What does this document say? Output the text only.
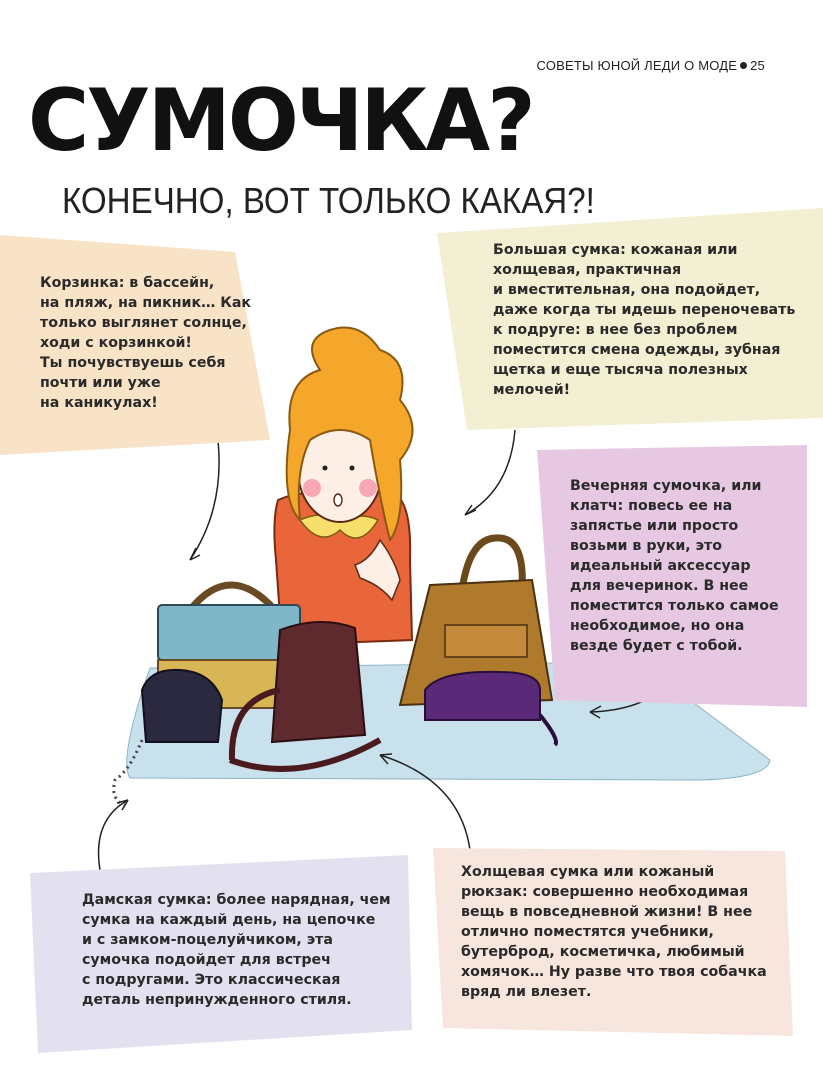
СОВЕТЫ ЮНОЙ ЛЕДИ О МОДЕ 25
СУМОЧКА?
КОНЕЧНО, ВОТ ТОЛЬКО КАКАЯ?!
Корзинка: в бассейн,
на пляж, на пикник… Как
только выглянет солнце,
ходи с корзинкой!
Ты почувствуешь себя
почти или уже
на каникулах!
Большая сумка: кожаная или
холщевая, практичная
и вместительная, она подойдет,
даже когда ты идешь переночевать
к подруге: в нее без проблем
поместится смена одежды, зубная
щетка и еще тысяча полезных
мелочей!
Вечерняя сумочка, или
клатч: повесь ее на
запястье или просто
возьми в руки, это
идеальный аксессуар
для вечеринок. В нее
поместится только самое
необходимое, но она
везде будет с тобой.
Дамская сумка: более нарядная, чем
сумка на каждый день, на цепочке
и с замком-поцелуйчиком, эта
сумочка подойдет для встреч
с подругами. Это классическая
деталь непринужденного стиля.
Холщевая сумка или кожаный
рюкзак: совершенно необходимая
вещь в повседневной жизни! В нее
отлично поместятся учебники,
бутерброд, косметичка, любимый
хомячок… Ну разве что твоя собачка
вряд ли влезет.
